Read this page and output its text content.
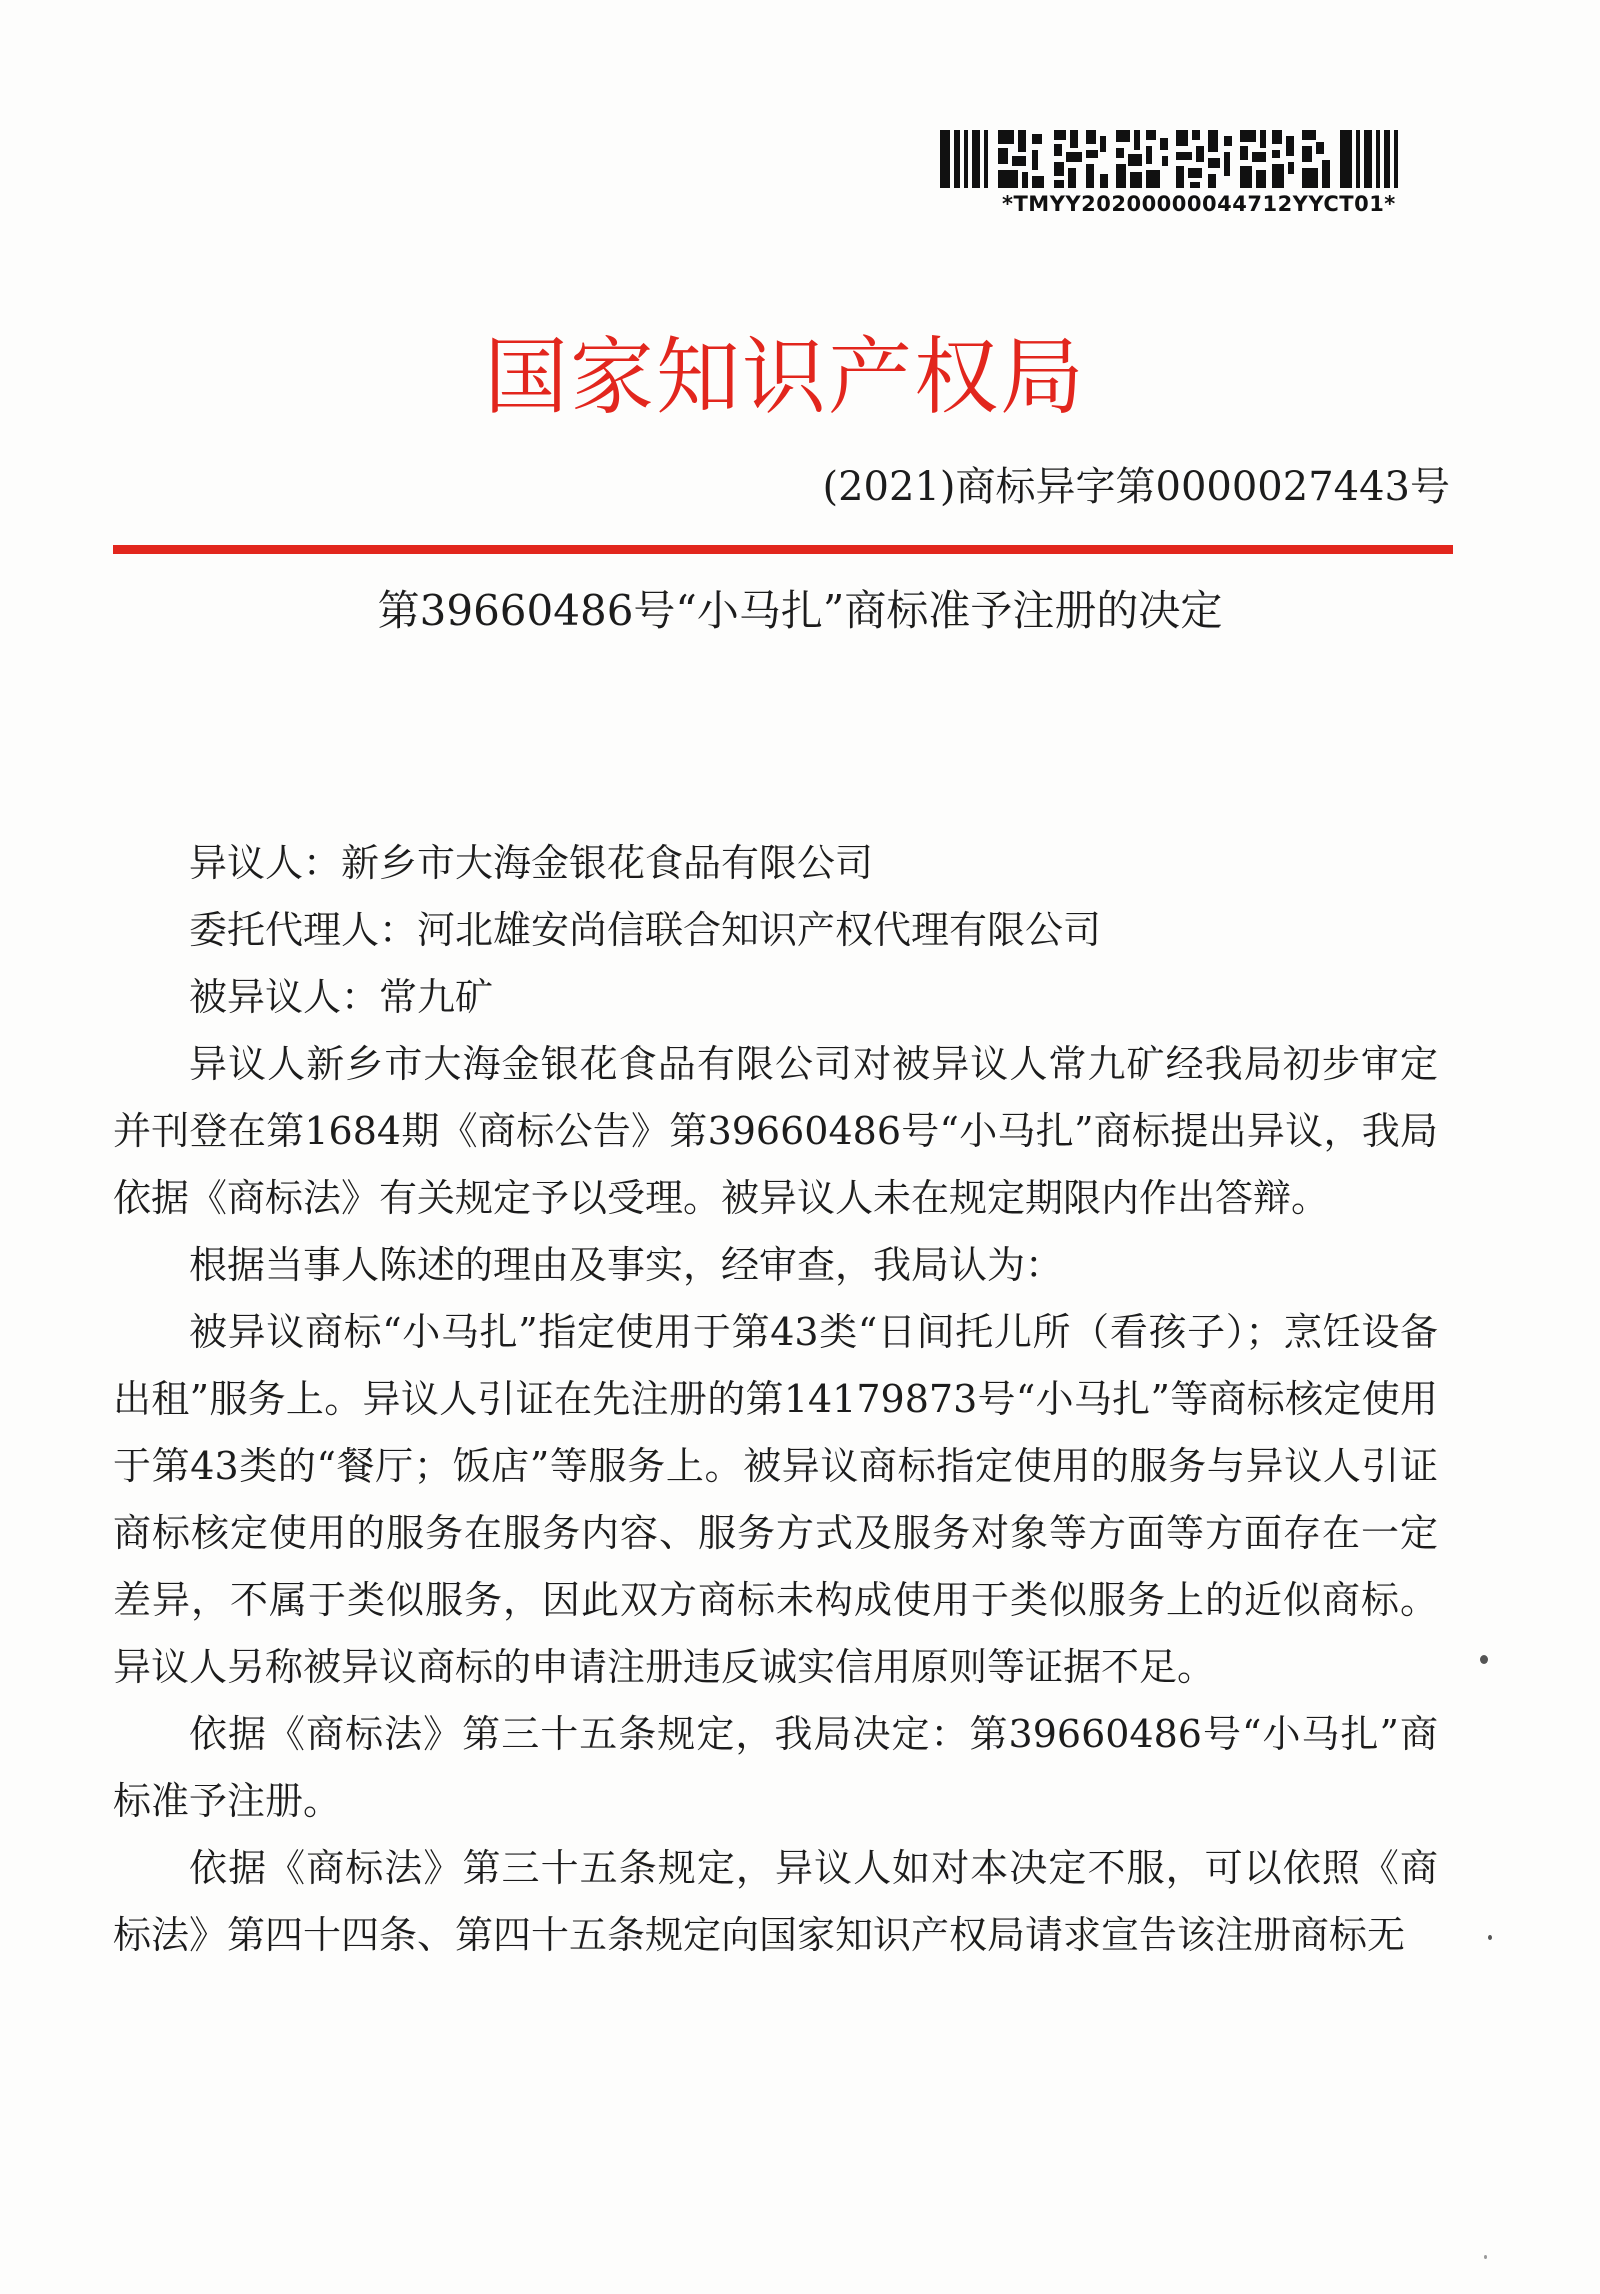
*TMYY20200000044712YYCT01*
国家知识产权局
(2021)商标异字第0000027443号
第39660486号“小马扎”商标准予注册的决定

异议人：新乡市大海金银花食品有限公司

委托代理人：河北雄安尚信联合知识产权代理有限公司

被异议人：常九矿

异议人新乡市大海金银花食品有限公司对被异议人常九矿经我局初步审定并刊登在第1684期《商标公告》第39660486号“小马扎”商标提出异议，我局依据《商标法》有关规定予以受理。被异议人未在规定期限内作出答辩。

根据当事人陈述的理由及事实，经审查，我局认为：

被异议商标“小马扎”指定使用于第43类“日间托儿所（看孩子）；烹饪设备出租”服务上。异议人引证在先注册的第14179873号“小马扎”等商标核定使用于第43类的“餐厅；饭店”等服务上。被异议商标指定使用的服务与异议人引证商标核定使用的服务在服务内容、服务方式及服务对象等方面等方面存在一定差异，不属于类似服务，因此双方商标未构成使用于类似服务上的近似商标。异议人另称被异议商标的申请注册违反诚实信用原则等证据不足。

依据《商标法》第三十五条规定，我局决定：第39660486号“小马扎”商标准予注册。

依据《商标法》第三十五条规定，异议人如对本决定不服，可以依照《商标法》第四十四条、第四十五条规定向国家知识产权局请求宣告该注册商标无
